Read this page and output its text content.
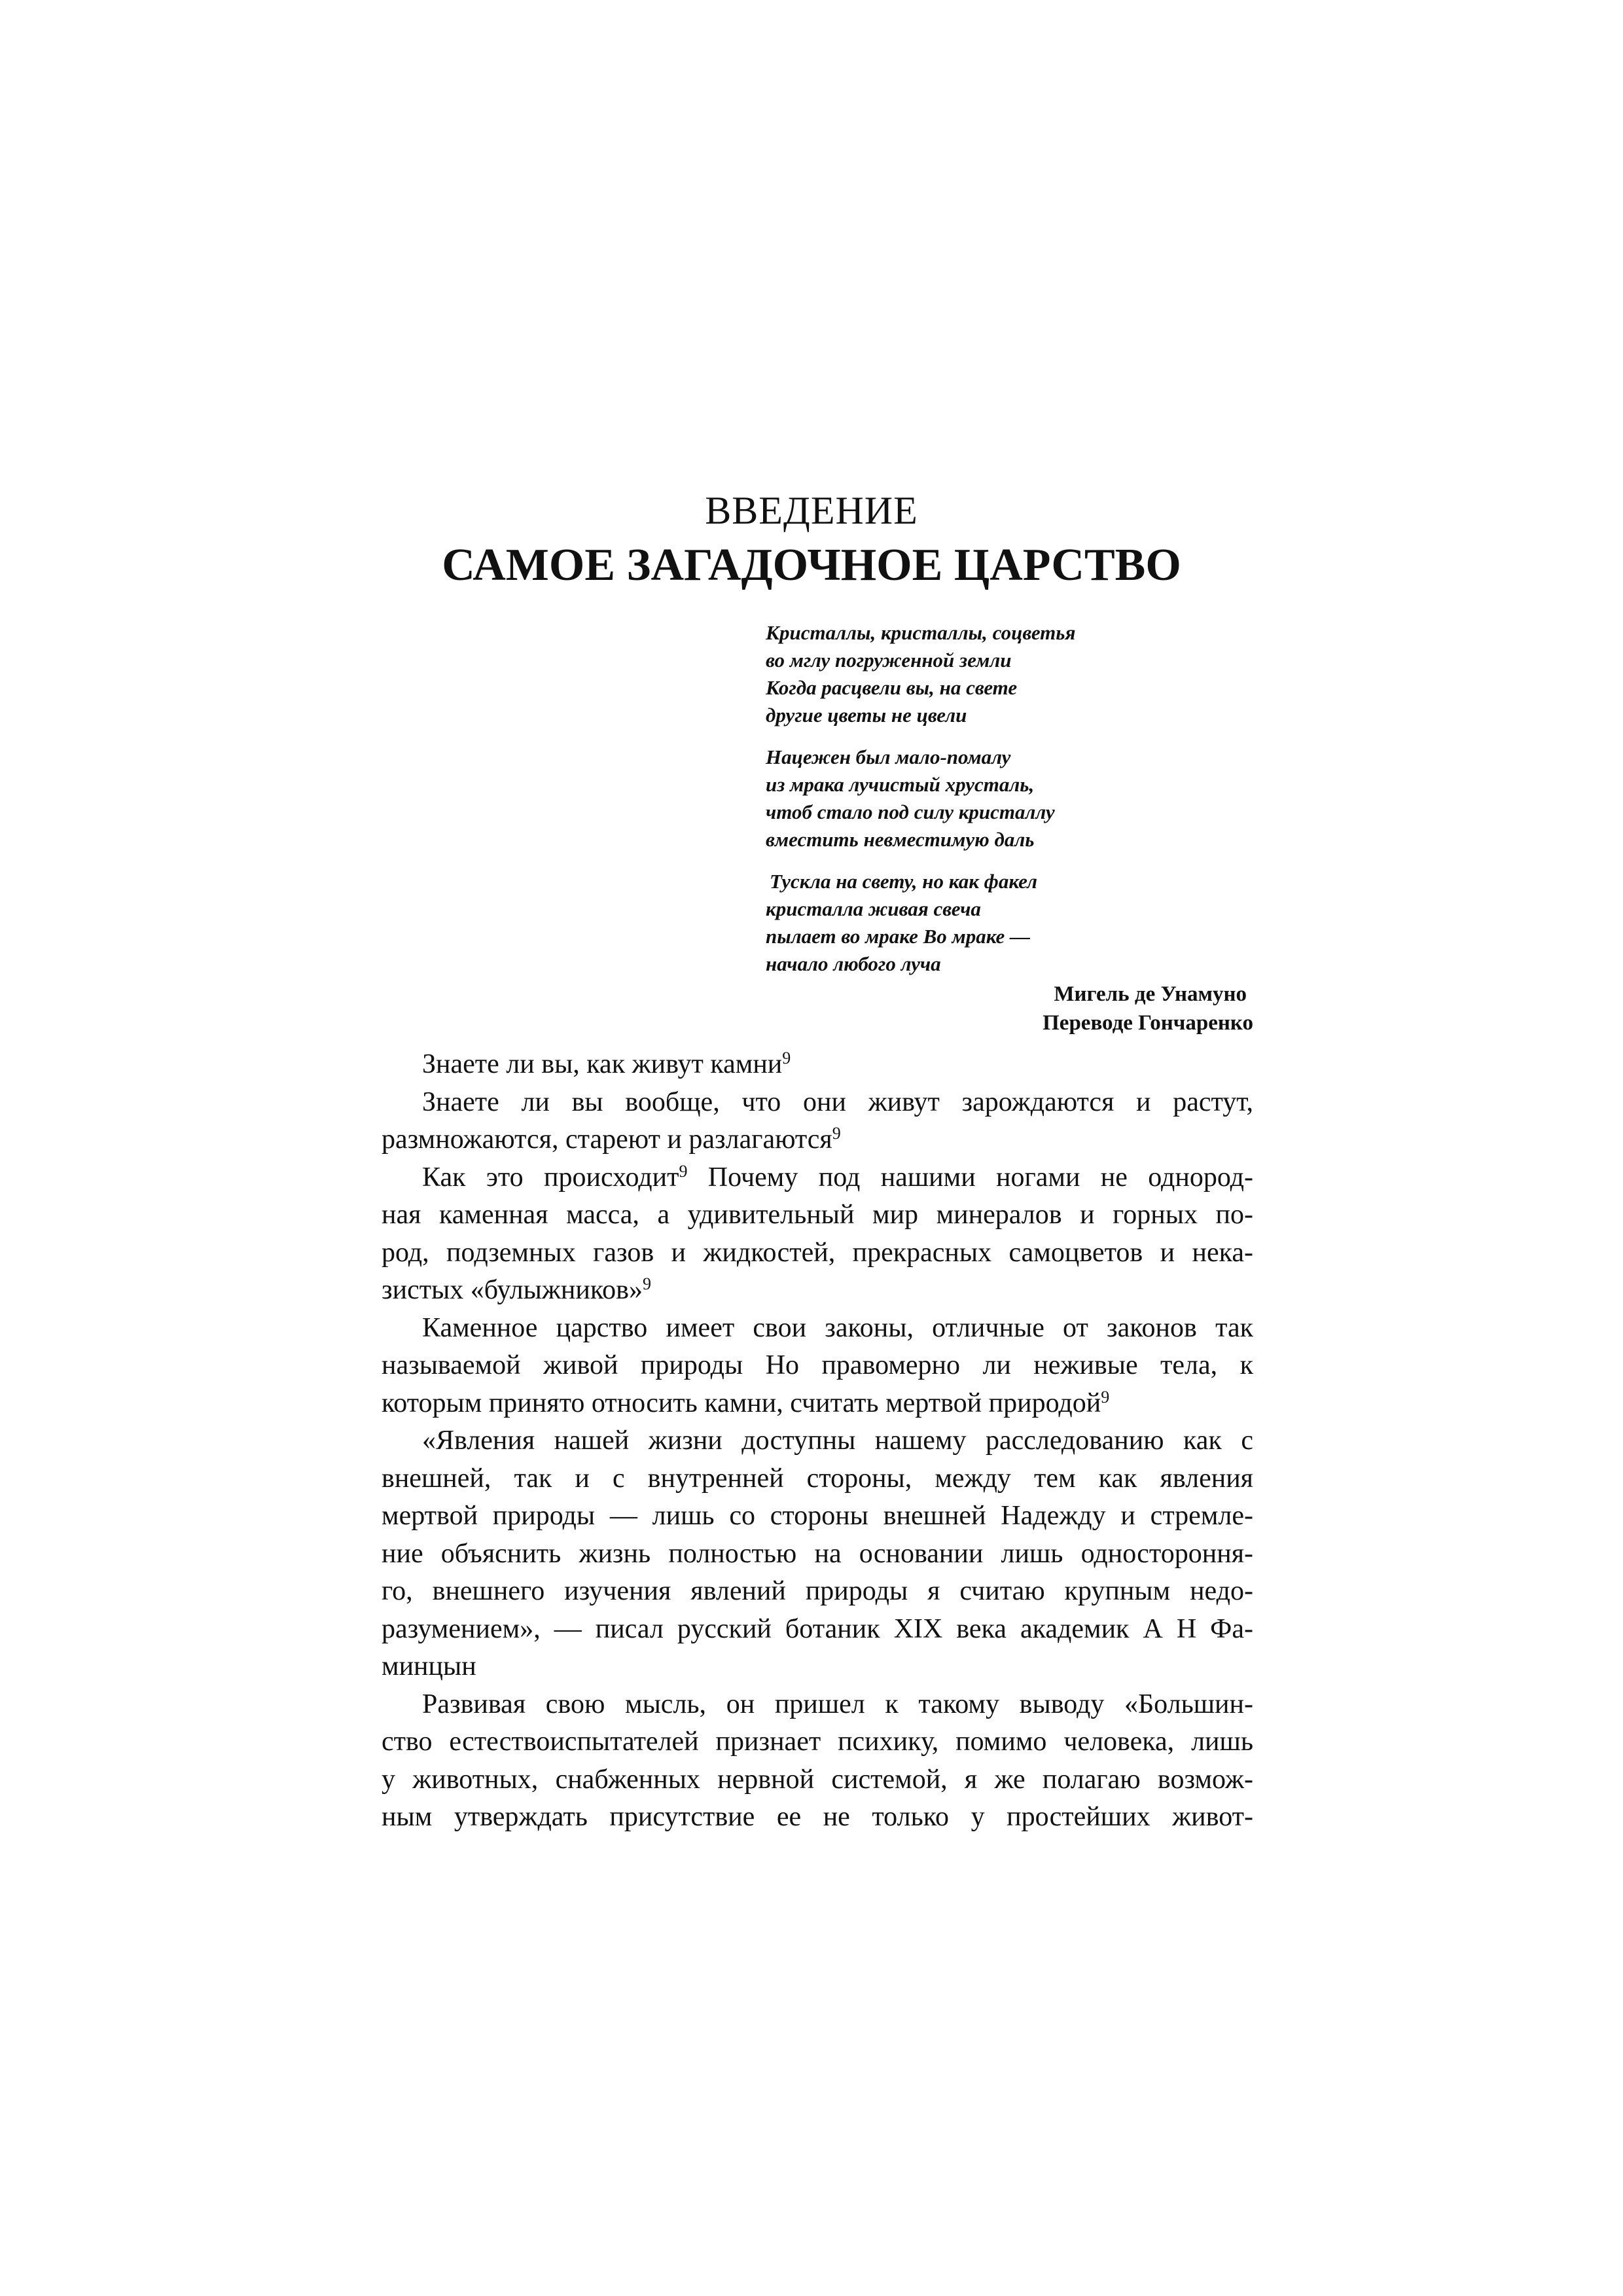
ВВЕДЕНИЕ
САМОЕ ЗАГАДОЧНОЕ ЦАРСТВО
Кристаллы, кристаллы, соцветья
во мглу погруженной земли
Когда расцвели вы, на свете
другие цветы не цвели
Нацежен был мало-помалу
из мрака лучистый хрусталь,
чтоб стало под силу кристаллу
вместить невместимую даль
Тускла на свету, но как факел
кристалла живая свеча
пылает во мраке Во мраке —
начало любого луча
Мигель де Унамуно
Переводе Гончаренко
Знаете ли вы, как живут камни$^9$
Знаете ли вы вообще, что они живут зарождаются и растут,
размножаются, стареют и разлагаются$^9$
Как это происходит$^9$ Почему под нашими ногами не однород-
ная каменная масса, а удивительный мир минералов и горных по-
род, подземных газов и жидкостей, прекрасных самоцветов и нека-
зистых «булыжников»$^9$
Каменное царство имеет свои законы, отличные от законов так
называемой живой природы Но правомерно ли неживые тела, к
которым принято относить камни, считать мертвой природой$^9$
«Явления нашей жизни доступны нашему расследованию как с
внешней, так и с внутренней стороны, между тем как явления
мертвой природы — лишь со стороны внешней Надежду и стремле-
ние объяснить жизнь полностью на основании лишь одностороння-
го, внешнего изучения явлений природы я считаю крупным недо-
разумением», — писал русский ботаник XIX века академик А Н Фа-
минцын
Развивая свою мысль, он пришел к такому выводу «Большин-
ство естествоиспытателей признает психику, помимо человека, лишь
у животных, снабженных нервной системой, я же полагаю возмож-
ным утверждать присутствие ее не только у простейших живот-
